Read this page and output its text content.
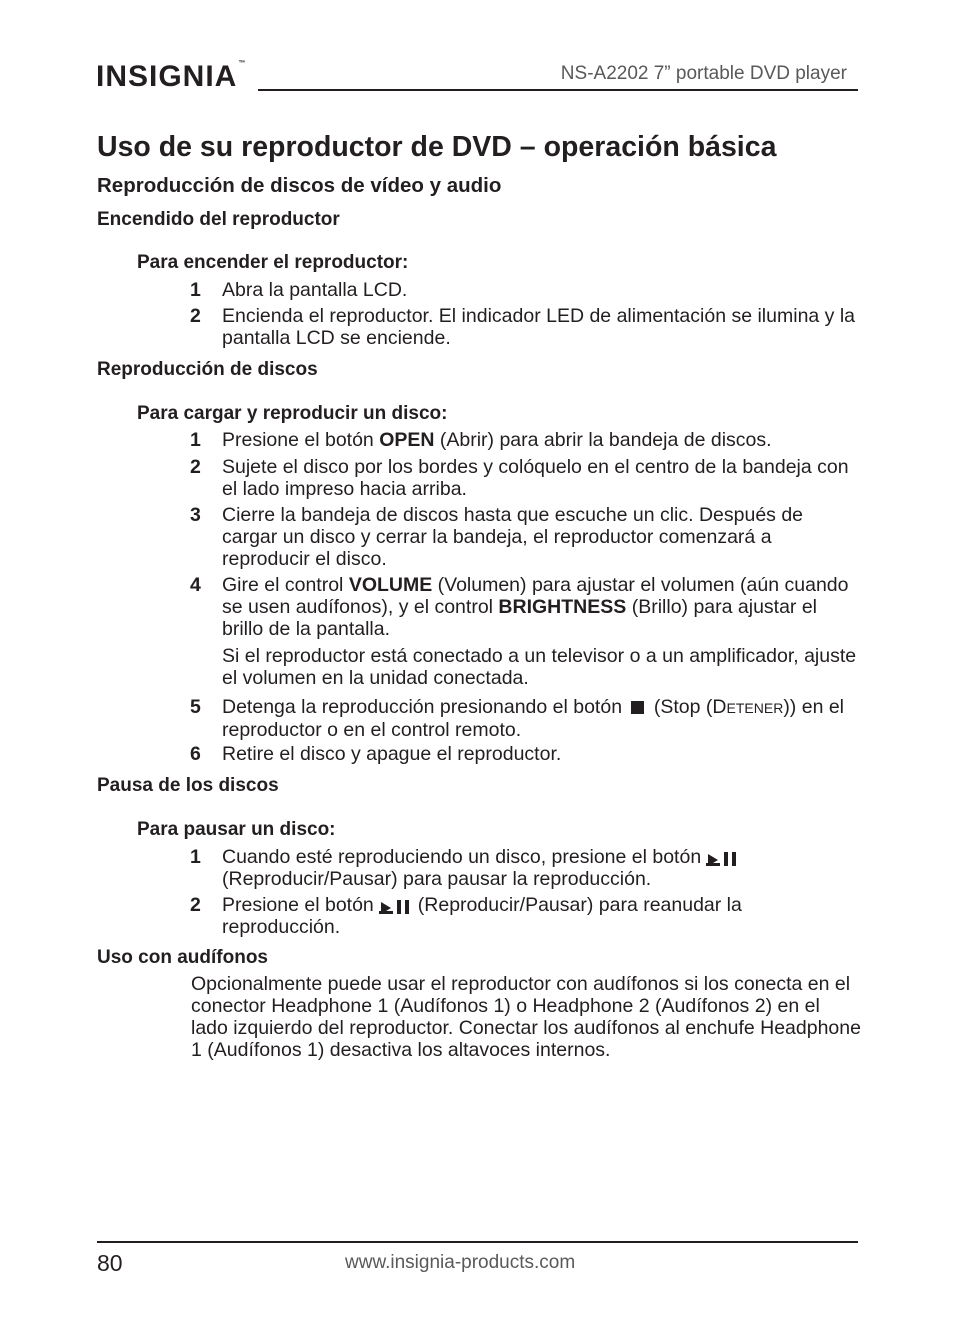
INSIGNIA™	NS-A2202 7” portable DVD player
Uso de su reproductor de DVD – operación básica
Reproducción de discos de vídeo y audio
Encendido del reproductor
Para encender el reproductor:
1	Abra la pantalla LCD.
2	Encienda el reproductor. El indicador LED de alimentación se ilumina y la pantalla LCD se enciende.
Reproducción de discos
Para cargar y reproducir un disco:
1	Presione el botón OPEN (Abrir) para abrir la bandeja de discos.
2	Sujete el disco por los bordes y colóquelo en el centro de la bandeja con el lado impreso hacia arriba.
3	Cierre la bandeja de discos hasta que escuche un clic. Después de cargar un disco y cerrar la bandeja, el reproductor comenzará a reproducir el disco.
4	Gire el control VOLUME (Volumen) para ajustar el volumen (aún cuando se usen audífonos), y el control BRIGHTNESS (Brillo) para ajustar el brillo de la pantalla.
Si el reproductor está conectado a un televisor o a un amplificador, ajuste el volumen en la unidad conectada.
5	Detenga la reproducción presionando el botón (Stop (DETENER)) en el reproductor o en el control remoto.
6	Retire el disco y apague el reproductor.
Pausa de los discos
Para pausar un disco:
1	Cuando esté reproduciendo un disco, presione el botón
(Reproducir/Pausar) para pausar la reproducción.
2	Presione el botón (Reproducir/Pausar) para reanudar la reproducción.
Uso con audífonos
Opcionalmente puede usar el reproductor con audífonos si los conecta en el conector Headphone 1 (Audífonos 1) o Headphone 2 (Audífonos 2) en el lado izquierdo del reproductor. Conectar los audífonos al enchufe Headphone 1 (Audífonos 1) desactiva los altavoces internos.
80	www.insignia-products.com
